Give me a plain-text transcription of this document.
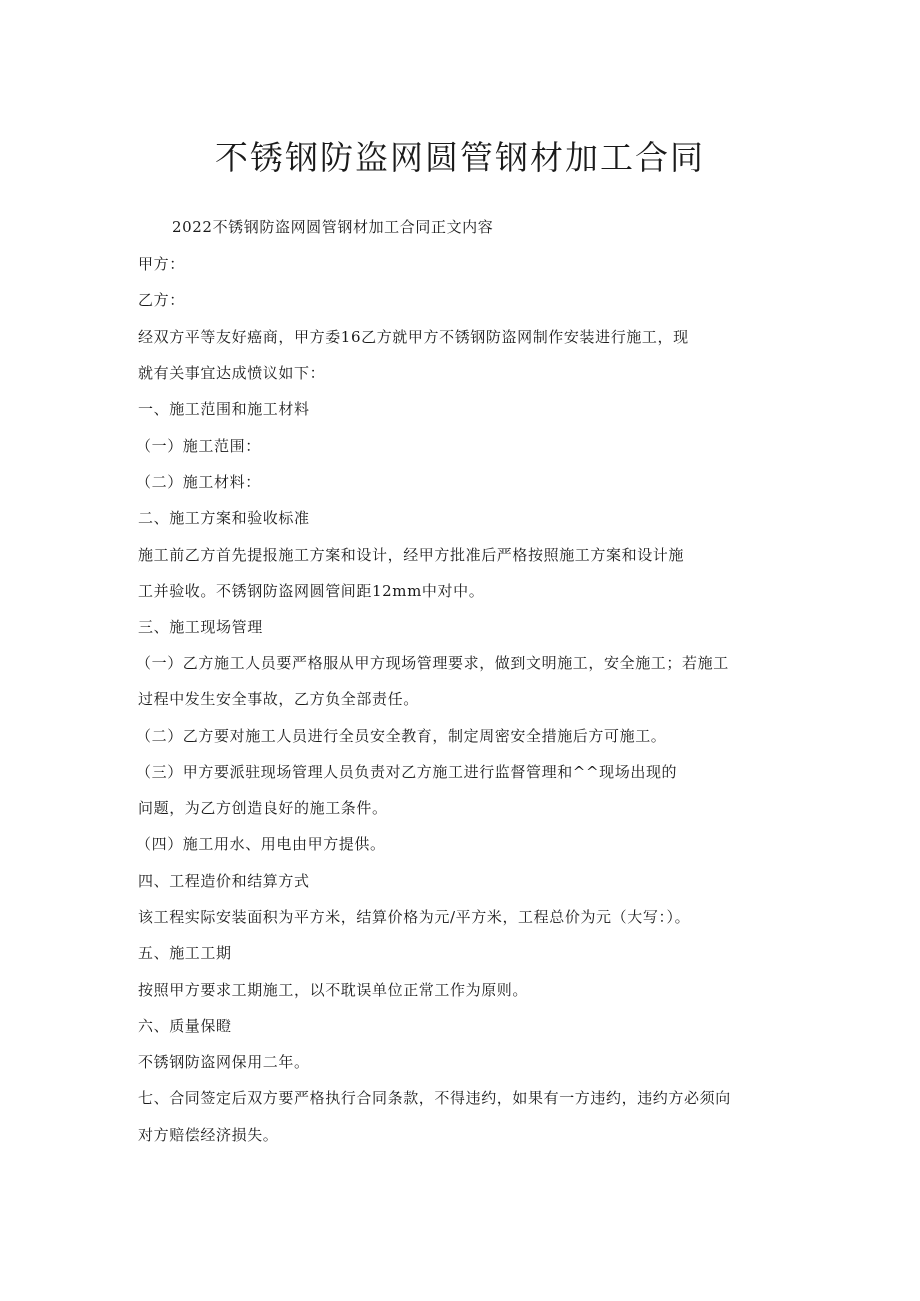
不锈钢防盗网圆管钢材加工合同
2022不锈钢防盗网圆管钢材加工合同正文内容
甲方：
乙方：
经双方平等友好癌商，甲方委16乙方就甲方不锈钢防盗网制作安装进行施工，现
就有关事宜达成愤议如下：
一、施工范围和施工材料
（一）施工范围：
（二）施工材料：
二、施工方案和验收标准
施工前乙方首先提报施工方案和设计，经甲方批准后严格按照施工方案和设计施
工并验收。不锈钢防盗网圆管间距12mm中对中。
三、施工现场管理
（一）乙方施工人员要严格服从甲方现场管理要求，做到文明施工，安全施工；若施工
过程中发生安全事故，乙方负全部责任。
（二）乙方要对施工人员进行全员安全教育，制定周密安全措施后方可施工。
（三）甲方要派驻现场管理人员负责对乙方施工进行监督管理和^^现场出现的
问题，为乙方创造良好的施工条件。
（四）施工用水、用电由甲方提供。
四、工程造价和结算方式
该工程实际安装面积为平方米，结算价格为元/平方米，工程总价为元（大写：）。
五、施工工期
按照甲方要求工期施工，以不耽误单位正常工作为原则。
六、质量保瞪
不锈钢防盗网保用二年。
七、合同签定后双方要严格执行合同条款，不得违约，如果有一方违约，违约方必须向
对方赔偿经济损失。
